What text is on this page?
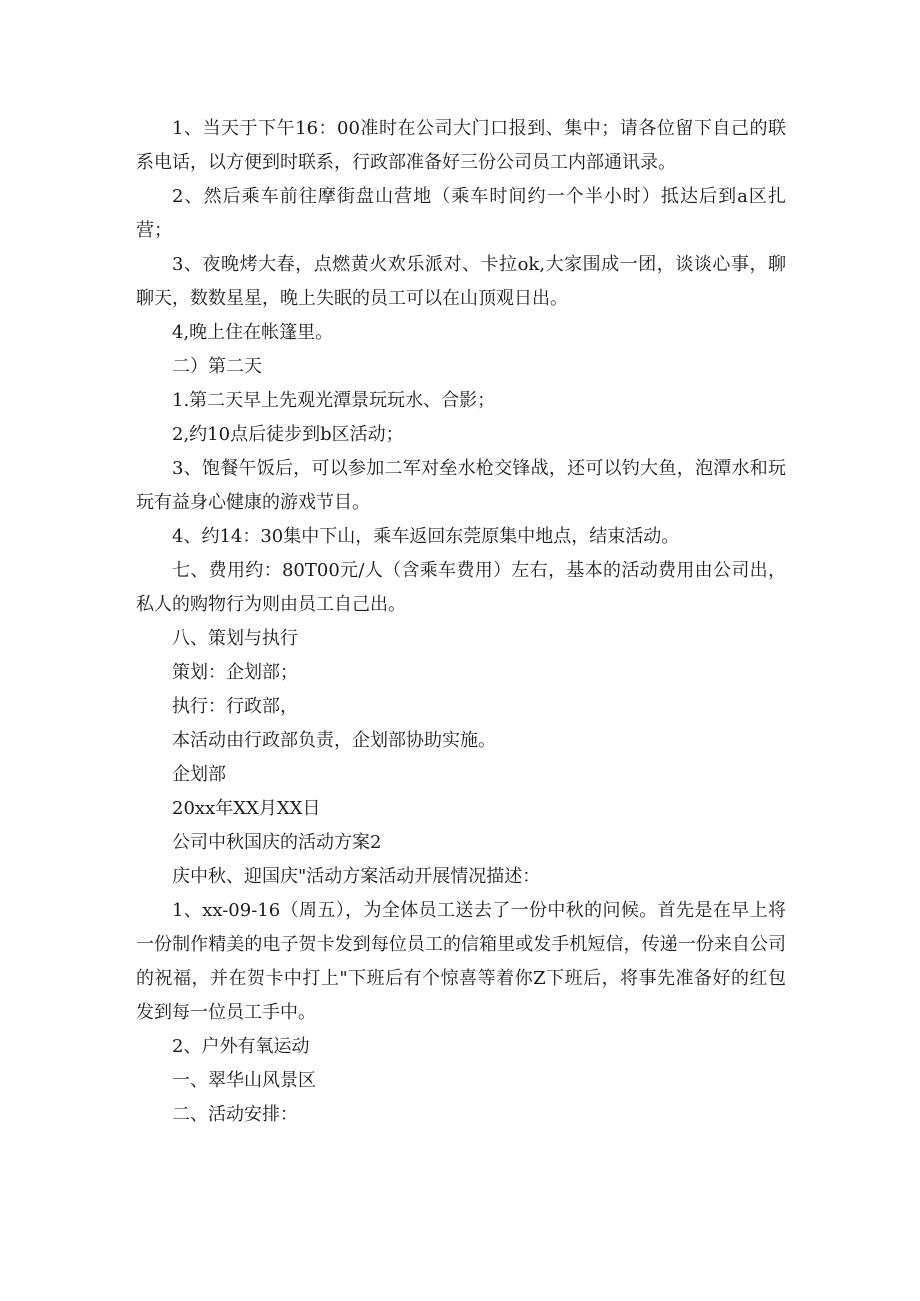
1、当天于下午16：00准时在公司大门口报到、集中；请各位留下自己的联系电话，以方便到时联系，行政部准备好三份公司员工内部通讯录。

2、然后乘车前往摩街盘山营地（乘车时间约一个半小时）抵达后到a区扎营；

3、夜晚烤大春，点燃黄火欢乐派对、卡拉ok,大家围成一团，谈谈心事，聊聊天，数数星星，晚上失眠的员工可以在山顶观日出。

4,晚上住在帐篷里。

二）第二天

1.第二天早上先观光潭景玩玩水、合影；

2,约10点后徒步到b区活动；

3、饱餐午饭后，可以参加二军对垒水枪交锋战，还可以钓大鱼，泡潭水和玩玩有益身心健康的游戏节目。

4、约14：30集中下山，乘车返回东莞原集中地点，结束活动。

七、费用约：80T00元/人（含乘车费用）左右，基本的活动费用由公司出，私人的购物行为则由员工自己出。

八、策划与执行

策划：企划部；

执行：行政部，

本活动由行政部负责，企划部协助实施。

企划部

20xx年XX月XX日

公司中秋国庆的活动方案2

庆中秋、迎国庆"活动方案活动开展情况描述：

1、xx-09-16（周五），为全体员工送去了一份中秋的问候。首先是在早上将一份制作精美的电子贺卡发到每位员工的信箱里或发手机短信，传递一份来自公司的祝福，并在贺卡中打上"下班后有个惊喜等着你Z下班后，将事先准备好的红包发到每一位员工手中。

2、户外有氧运动

一、翠华山风景区

二、活动安排：
